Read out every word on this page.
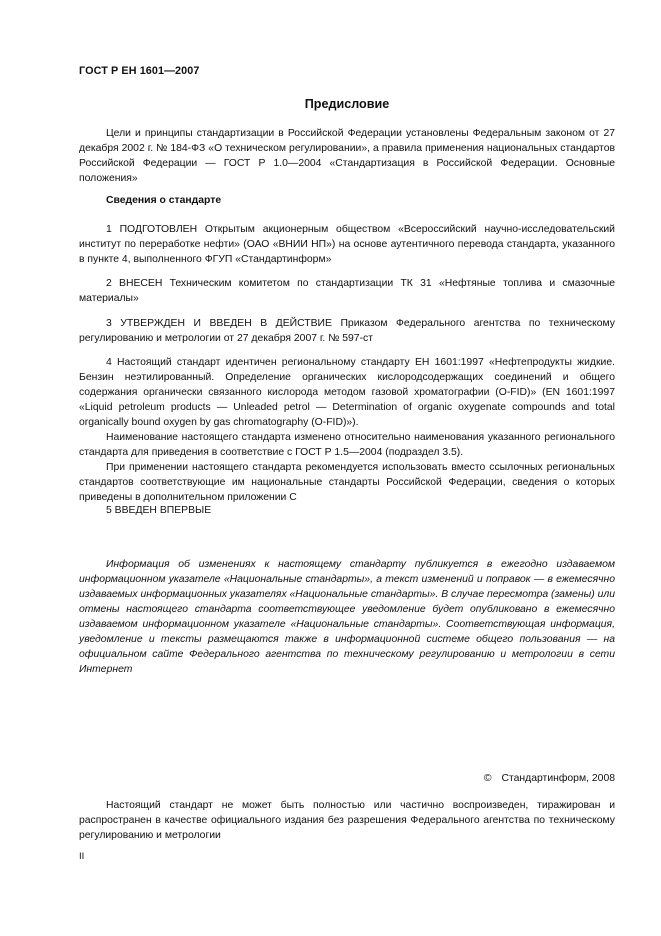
ГОСТ Р ЕН 1601—2007
Предисловие

Цели и принципы стандартизации в Российской Федерации установлены Федеральным законом от 27 декабря 2002 г. № 184-ФЗ «О техническом регулировании», а правила применения национальных стандартов Российской Федерации — ГОСТ Р 1.0—2004 «Стандартизация в Российской Федерации. Основные положения»

Сведения о стандарте

1 ПОДГОТОВЛЕН Открытым акционерным обществом «Всероссийский научно-исследовательский институт по переработке нефти» (ОАО «ВНИИ НП») на основе аутентичного перевода стандарта, указанного в пункте 4, выполненного ФГУП «Стандартинформ»

2 ВНЕСЕН Техническим комитетом по стандартизации ТК 31 «Нефтяные топлива и смазочные материалы»

3 УТВЕРЖДЕН И ВВЕДЕН В ДЕЙСТВИЕ Приказом Федерального агентства по техническому регулированию и метрологии от 27 декабря 2007 г. № 597-ст

4 Настоящий стандарт идентичен региональному стандарту ЕН 1601:1997 «Нефтепродукты жидкие. Бензин неэтилированный. Определение органических кислородсодержащих соединений и общего содержания органически связанного кислорода методом газовой хроматографии (O-FID)» (EN 1601:1997 «Liquid petroleum products — Unleaded petrol — Determination of organic oxygenate compounds and total organically bound oxygen by gas chromatography (O-FID)»).

Наименование настоящего стандарта изменено относительно наименования указанного регионального стандарта для приведения в соответствие с ГОСТ Р 1.5—2004 (подраздел 3.5).

При применении настоящего стандарта рекомендуется использовать вместо ссылочных региональных стандартов соответствующие им национальные стандарты Российской Федерации, сведения о которых приведены в дополнительном приложении С

5 ВВЕДЕН ВПЕРВЫЕ

Информация об изменениях к настоящему стандарту публикуется в ежегодно издаваемом информационном указателе «Национальные стандарты», а текст изменений и поправок — в ежемесячно издаваемых информационных указателях «Национальные стандарты». В случае пересмотра (замены) или отмены настоящего стандарта соответствующее уведомление будет опубликовано в ежемесячно издаваемом информационном указателе «Национальные стандарты». Соответствующая информация, уведомление и тексты размещаются также в информационной системе общего пользования — на официальном сайте Федерального агентства по техническому регулированию и метрологии в сети Интернет

© Стандартинформ, 2008

Настоящий стандарт не может быть полностью или частично воспроизведен, тиражирован и распространен в качестве официального издания без разрешения Федерального агентства по техническому регулированию и метрологии

II
